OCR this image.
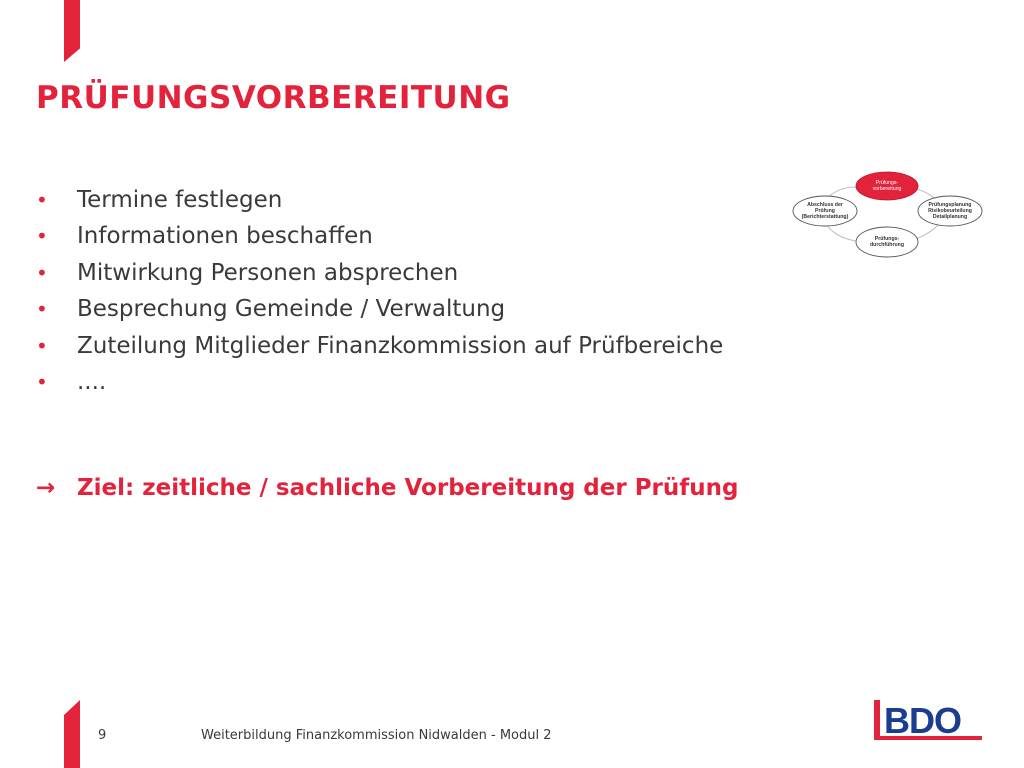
PRÜFUNGSVORBEREITUNG
• Termine festlegen
• Informationen beschaffen
• Mitwirkung Personen absprechen
• Besprechung Gemeinde / Verwaltung
• Zuteilung Mitglieder Finanzkommission auf Prüfbereiche
• ....
→ Ziel: zeitliche / sachliche Vorbereitung der Prüfung
Prüfungs-
vorbereitung
Prüfungsplanung
Risikobeurteilung
Detailplanung
Prüfungs-
durchführung
Abschluss der
Prüfung
(Berichterstattung)
9	Weiterbildung Finanzkommission Nidwalden - Modul 2	BDO
